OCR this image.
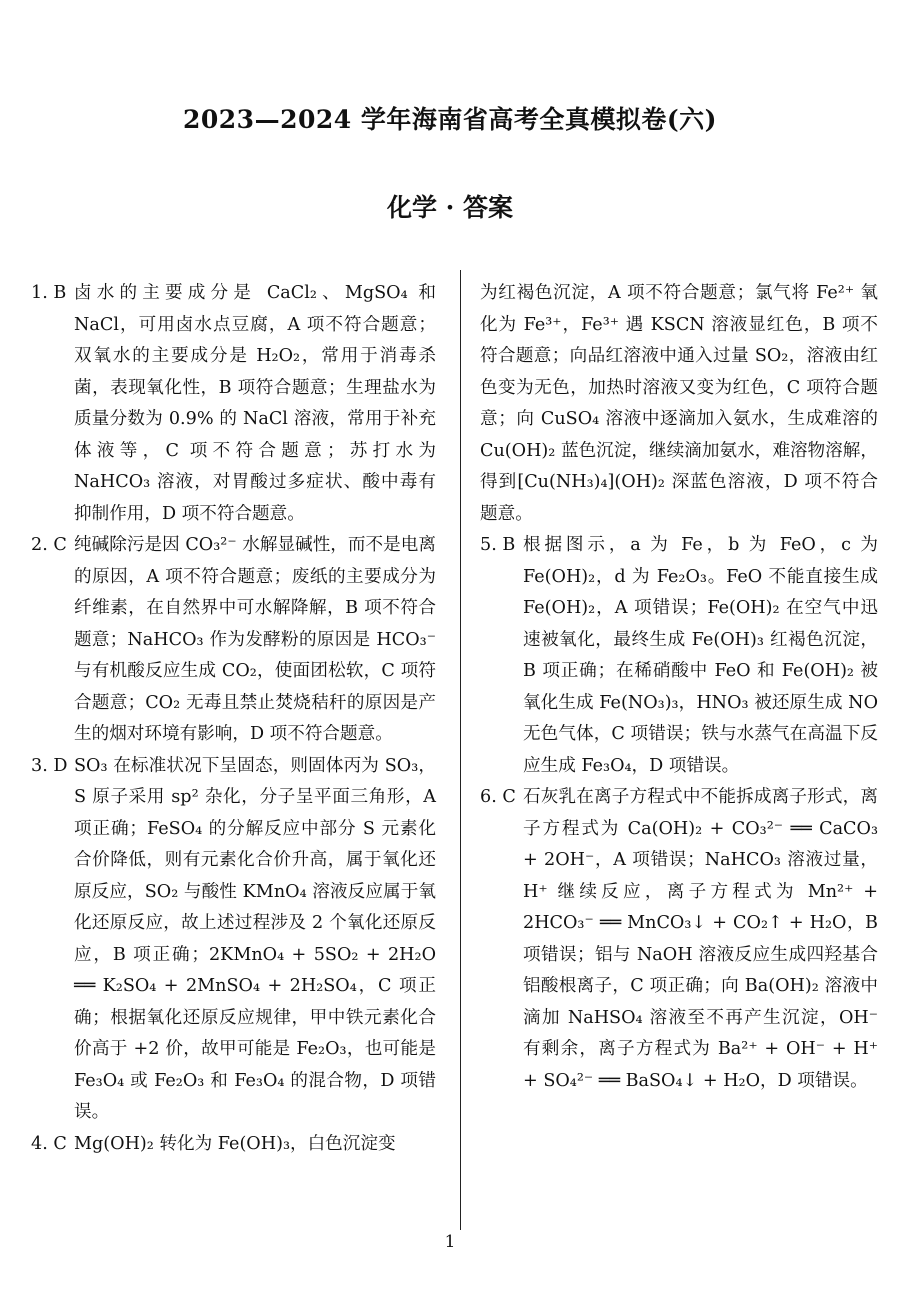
2023—2024 学年海南省高考全真模拟卷(六)
化学 · 答案
1. B 卤水的主要成分是 CaCl₂、MgSO₄ 和 NaCl，可用卤水点豆腐，A 项不符合题意；双氧水的主要成分是 H₂O₂，常用于消毒杀菌，表现氧化性，B 项符合题意；生理盐水为质量分数为 0.9% 的 NaCl 溶液，常用于补充体液等，C 项不符合题意；苏打水为 NaHCO₃ 溶液，对胃酸过多症状、酸中毒有抑制作用，D 项不符合题意。
2. C 纯碱除污是因 CO₃²⁻ 水解显碱性，而不是电离的原因，A 项不符合题意；废纸的主要成分为纤维素，在自然界中可水解降解，B 项不符合题意；NaHCO₃ 作为发酵粉的原因是 HCO₃⁻ 与有机酸反应生成 CO₂，使面团松软，C 项符合题意；CO₂ 无毒且禁止焚烧秸秆的原因是产生的烟对环境有影响，D 项不符合题意。
3. D SO₃ 在标准状况下呈固态，则固体丙为 SO₃，S 原子采用 sp² 杂化，分子呈平面三角形，A 项正确；FeSO₄ 的分解反应中部分 S 元素化合价降低，则有元素化合价升高，属于氧化还原反应，SO₂ 与酸性 KMnO₄ 溶液反应属于氧化还原反应，故上述过程涉及 2 个氧化还原反应，B 项正确；2KMnO₄ + 5SO₂ + 2H₂O ══ K₂SO₄ + 2MnSO₄ + 2H₂SO₄，C 项正确；根据氧化还原反应规律，甲中铁元素化合价高于 +2 价，故甲可能是 Fe₂O₃，也可能是 Fe₃O₄ 或 Fe₂O₃ 和 Fe₃O₄ 的混合物，D 项错误。
4. C Mg(OH)₂ 转化为 Fe(OH)₃，白色沉淀变
为红褐色沉淀，A 项不符合题意；氯气将 Fe²⁺ 氧化为 Fe³⁺，Fe³⁺ 遇 KSCN 溶液显红色，B 项不符合题意；向品红溶液中通入过量 SO₂，溶液由红色变为无色，加热时溶液又变为红色，C 项符合题意；向 CuSO₄ 溶液中逐滴加入氨水，生成难溶的 Cu(OH)₂ 蓝色沉淀，继续滴加氨水，难溶物溶解，得到[Cu(NH₃)₄](OH)₂ 深蓝色溶液，D 项不符合题意。
5. B 根据图示，a 为 Fe，b 为 FeO，c 为 Fe(OH)₂，d 为 Fe₂O₃。FeO 不能直接生成 Fe(OH)₂，A 项错误；Fe(OH)₂ 在空气中迅速被氧化，最终生成 Fe(OH)₃ 红褐色沉淀，B 项正确；在稀硝酸中 FeO 和 Fe(OH)₂ 被氧化生成 Fe(NO₃)₃，HNO₃ 被还原生成 NO 无色气体，C 项错误；铁与水蒸气在高温下反应生成 Fe₃O₄，D 项错误。
6. C 石灰乳在离子方程式中不能拆成离子形式，离子方程式为 Ca(OH)₂ + CO₃²⁻ ══ CaCO₃ + 2OH⁻，A 项错误；NaHCO₃ 溶液过量，H⁺ 继续反应，离子方程式为 Mn²⁺ + 2HCO₃⁻ ══ MnCO₃↓ + CO₂↑ + H₂O，B 项错误；铝与 NaOH 溶液反应生成四羟基合铝酸根离子，C 项正确；向 Ba(OH)₂ 溶液中滴加 NaHSO₄ 溶液至不再产生沉淀，OH⁻ 有剩余，离子方程式为 Ba²⁺ + OH⁻ + H⁺ + SO₄²⁻ ══ BaSO₄↓ + H₂O，D 项错误。
1
